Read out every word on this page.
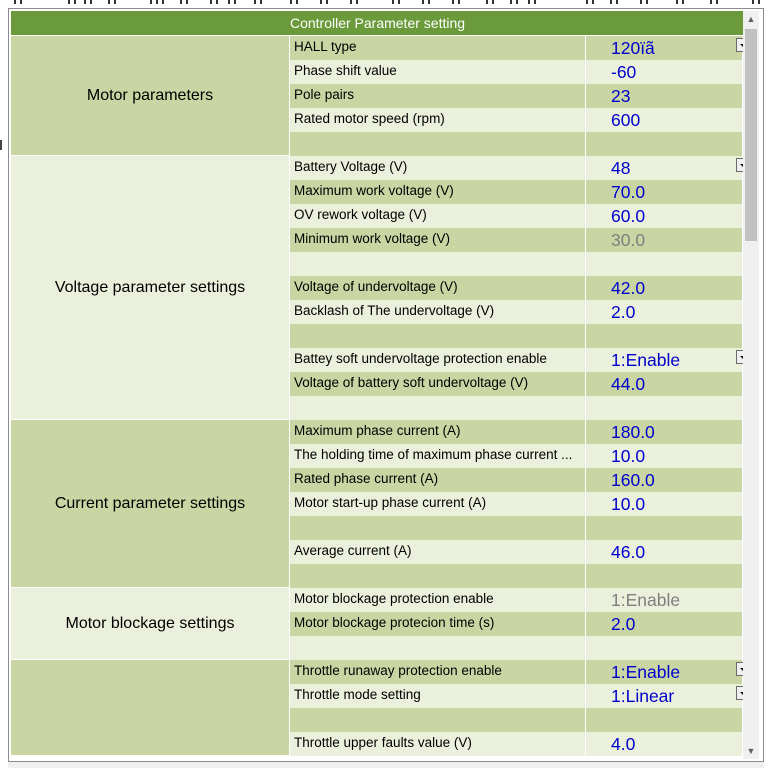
Controller Parameter setting
Motor parameters
HALL type	120ïã
Phase shift value	-60
Pole pairs	23
Rated motor speed (rpm)	600
Voltage parameter settings
Battery Voltage (V)	48
Maximum work voltage (V)	70.0
OV rework voltage (V)	60.0
Minimum work voltage (V)	30.0
Voltage of undervoltage (V)	42.0
Backlash of The undervoltage (V)	2.0
Battey soft undervoltage protection enable	1:Enable
Voltage of battery soft undervoltage (V)	44.0
Current parameter settings
Maximum phase current (A)	180.0
The holding time of maximum phase current ...	10.0
Rated phase current (A)	160.0
Motor start-up phase current (A)	10.0
Average current (A)	46.0
Motor blockage settings
Motor blockage protection enable	1:Enable
Motor blockage protecion time (s)	2.0
Throttle runaway protection enable	1:Enable
Throttle mode setting	1:Linear
Throttle upper faults value (V)	4.0
▲
▼
